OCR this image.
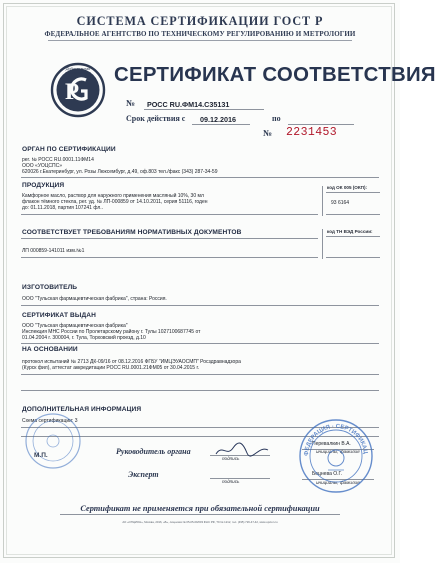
СИСТЕМА СЕРТИФИКАЦИИ ГОСТ Р
ФЕДЕРАЛЬНОЕ АГЕНТСТВО ПО ТЕХНИЧЕСКОМУ РЕГУЛИРОВАНИЮ И МЕТРОЛОГИИ
Р
Добровольная сертификация	СЕРТИФИКАТ СООТВЕТСТВИЯ
№ РОСС RU.ФМ14.С35131
Срок действия с 09.12.2016	по
№ 2231453
ОРГАН ПО СЕРТИФИКАЦИИ
рег. № РОСС RU.0001.11ФМ14
ООО «УОЦСПС»
620026 г.Екатеринбург, ул. Розы Люксембург, д.49, оф.803 тел./факс (343) 287-34-59
ПРОДУКЦИЯ
Камфорное масло, раствор для наружного применения масляный 10%, 30 мл
флакон тёмного стекла, рег. уд. № ЛП-000859 от 14.10.2011, серия 51116, годен
до: 01.11.2018, партия 107241 фл..
код ОК 005 (ОКП):
93 6164
СООТВЕТСТВУЕТ ТРЕБОВАНИЯМ НОРМАТИВНЫХ ДОКУМЕНТОВ
ЛП 000859-141011 изм.№1
код ТН ВЭД России:
ИЗГОТОВИТЕЛЬ
ООО "Тульская фармацевтическая фабрика", страна: Россия.
СЕРТИФИКАТ ВЫДАН
ООО "Тульская фармацевтическая фабрика"
Инспекция МНС России по Пролетарскому району г. Тулы 1027100687745 от
01.04.2004 г. 300004, г. Тула, Торховский проезд, д.10
НА ОСНОВАНИИ
протокол испытаний № 2713 ДК-09/16 от 08.12.2016 ФГБУ "ИМЦЭУАОСМП" Росздравнадзора
(Курск фил), аттестат аккредитации РОСС RU.0001.21ФМ05 от 30.04.2015 г.
ДОПОЛНИТЕЛЬНАЯ ИНФОРМАЦИЯ
Схема сертификации: 3
М.П.	Руководитель органа
подпись
Перевалкин В.А.
инициалы, фамилия
Эксперт
подпись
Бецнева О.Г.
инициалы, фамилия
ФЕДЕРАЦИЯ · СЕРТИФИКАЦ
Сертификат не применяется при обязательной сертификации
АО «ОПЦИОН», Москва, 2016, «Б», лицензия № 05-05-09/003 ФНС РФ, ТЗ № 1212, тел. (495) 726-47-42, www.opcion.ru
